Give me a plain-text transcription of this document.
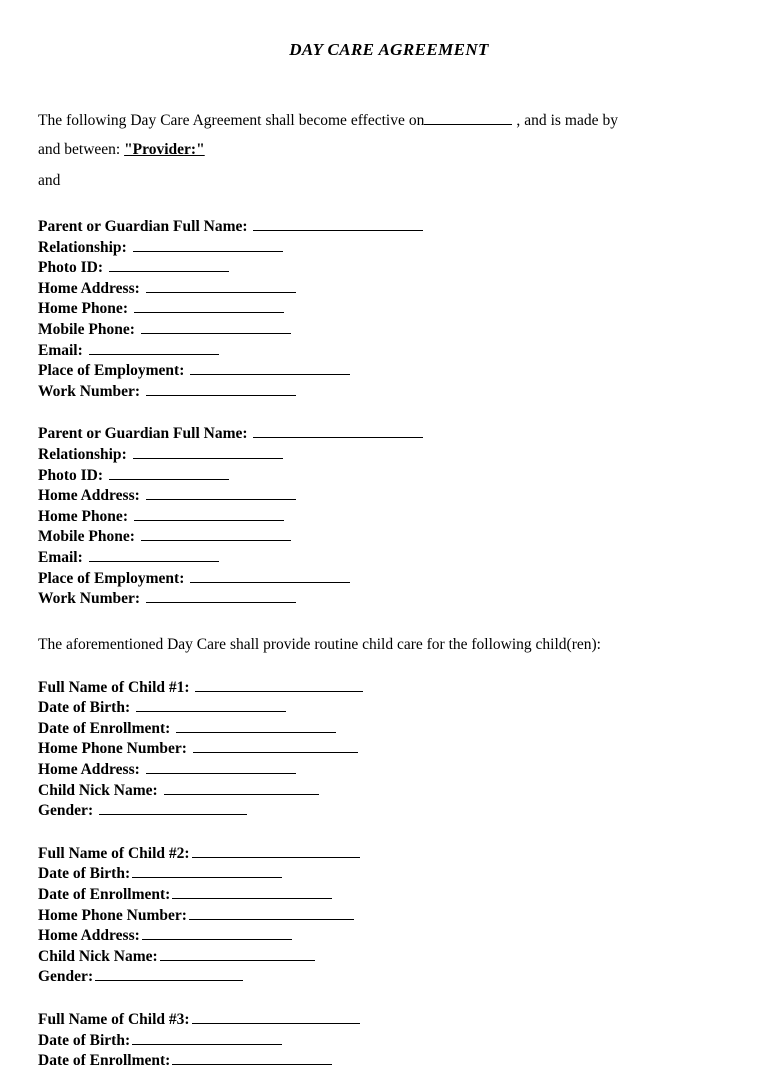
DAY CARE AGREEMENT
The following Day Care Agreement shall become effective on	, and is made by and between: "Provider:"
and
Parent or Guardian Full Name:
Relationship:
Photo ID:
Home Address:
Home Phone:
Mobile Phone:
Email:
Place of Employment:
Work Number:
Parent or Guardian Full Name:
Relationship:
Photo ID:
Home Address:
Home Phone:
Mobile Phone:
Email:
Place of Employment:
Work Number:
The aforementioned Day Care shall provide routine child care for the following child(ren):
Full Name of Child #1:
Date of Birth:
Date of Enrollment:
Home Phone Number:
Home Address:
Child Nick Name:
Gender:
Full Name of Child #2:
Date of Birth:
Date of Enrollment:
Home Phone Number:
Home Address:
Child Nick Name:
Gender:
Full Name of Child #3:
Date of Birth:
Date of Enrollment:
